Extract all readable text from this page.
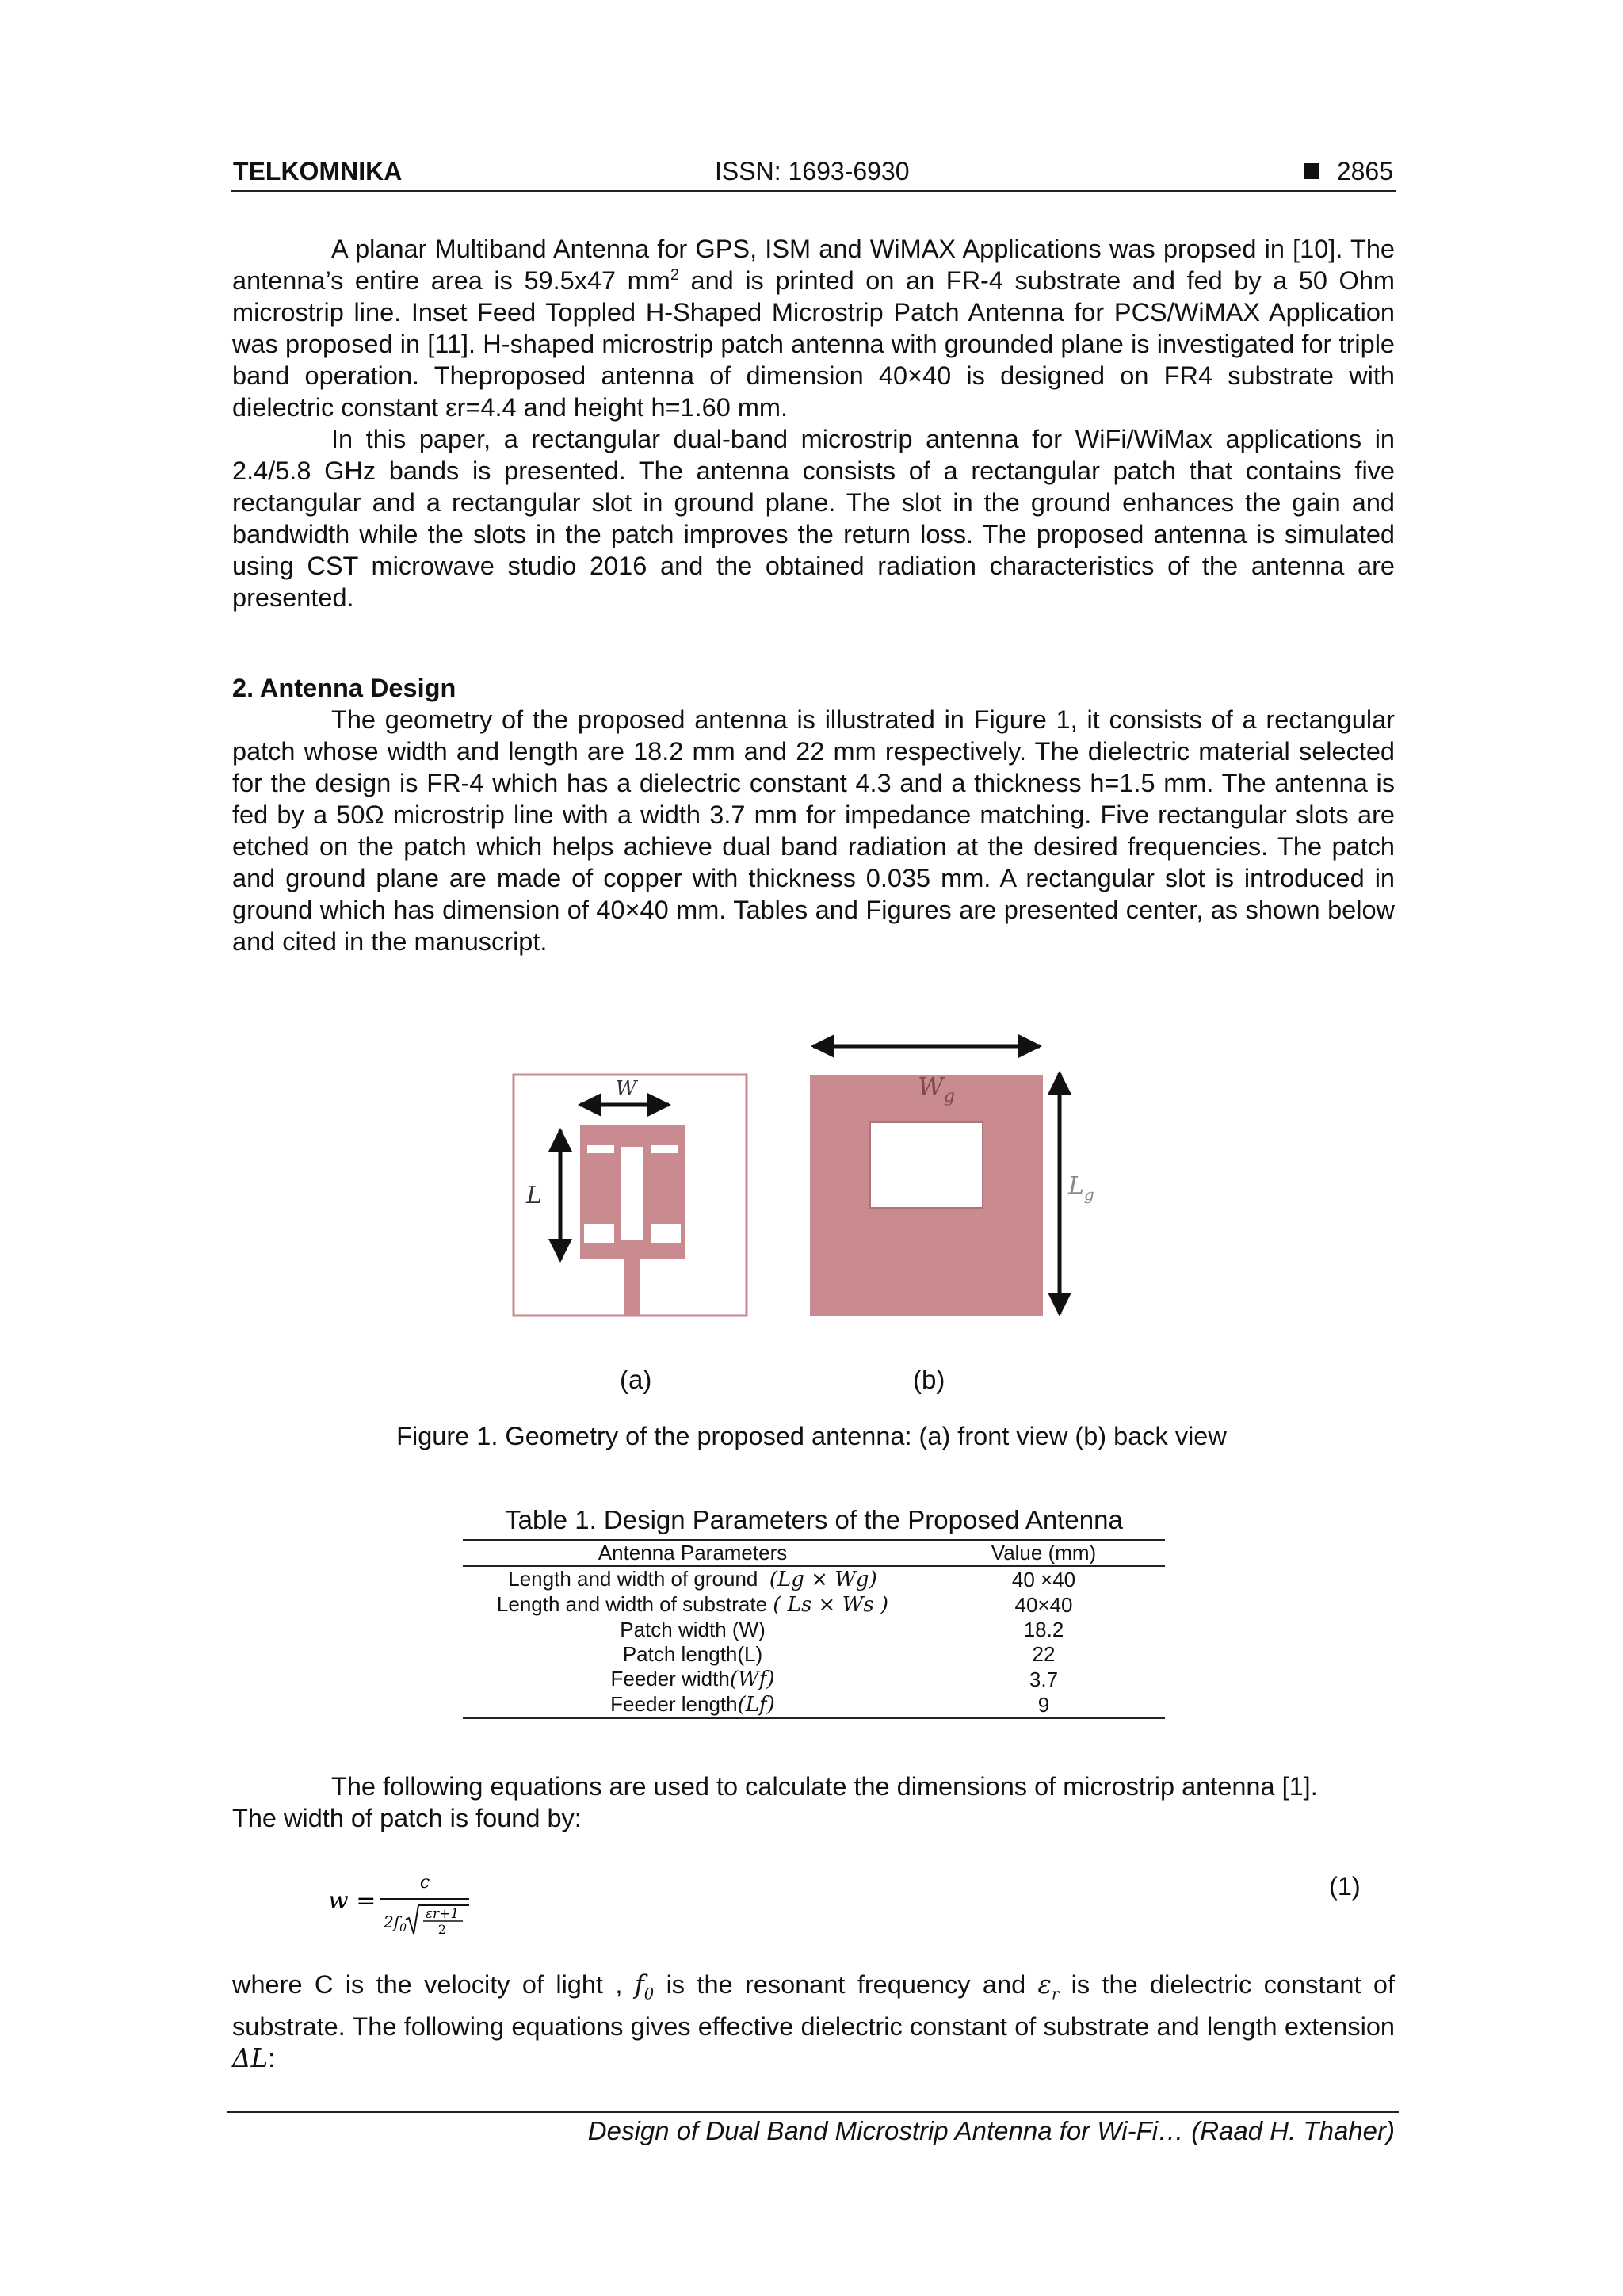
TELKOMNIKA	ISSN: 1693-6930	2865

A planar Multiband Antenna for GPS, ISM and WiMAX Applications was propsed in [10]. The antenna’s entire area is 59.5x47 $mm^2$ and is printed on an FR-4 substrate and fed by a 50 Ohm microstrip line. Inset Feed Toppled H-Shaped Microstrip Patch Antenna for PCS/WiMAX Application was proposed in [11]. H-shaped microstrip patch antenna with grounded plane is investigated for triple band operation. Theproposed antenna of dimension 40×40 is designed on FR4 substrate with dielectric constant εr=4.4 and height h=1.60 mm.

In this paper, a rectangular dual-band microstrip antenna for WiFi/WiMax applications in 2.4/5.8 GHz bands is presented. The antenna consists of a rectangular patch that contains five rectangular and a rectangular slot in ground plane. The slot in the ground enhances the gain and bandwidth while the slots in the patch improves the return loss. The proposed antenna is simulated using CST microwave studio 2016 and the obtained radiation characteristics of the antenna are presented.

2. Antenna Design

The geometry of the proposed antenna is illustrated in Figure 1, it consists of a rectangular patch whose width and length are 18.2 mm and 22 mm respectively. The dielectric material selected for the design is FR-4 which has a dielectric constant 4.3 and a thickness h=1.5 mm. The antenna is fed by a 50Ω microstrip line with a width 3.7 mm for impedance matching. Five rectangular slots are etched on the patch which helps achieve dual band radiation at the desired frequencies. The patch and ground plane are made of copper with thickness 0.035 mm. A rectangular slot is introduced in ground which has dimension of 40×40 mm. Tables and Figures are presented center, as shown below and cited in the manuscript.

W
L
$W_g$
$L_g$
(a)	(b)
Figure 1. Geometry of the proposed antenna: (a) front view (b) back view
Table 1. Design Parameters of the Proposed Antenna
Antenna Parameters	Value (mm)
Length and width of ground (Lg × Wg)	40 ×40
Length and width of substrate ( Ls × Ws )	40×40
Patch width (W)	18.2
Patch length(L)	22
Feeder width(Wf)	3.7
Feeder length(Lf)	9

The following equations are used to calculate the dimensions of microstrip antenna [1].

The width of patch is found by:

w =
c
$2f_0$
εr+1
2
(1)

where C is the velocity of light , $f_0$ is the resonant frequency and $\varepsilon_r$ is the dielectric constant of substrate. The following equations gives effective dielectric constant of substrate and length extension ΔL:

Design of Dual Band Microstrip Antenna for Wi-Fi… (Raad H. Thaher)
